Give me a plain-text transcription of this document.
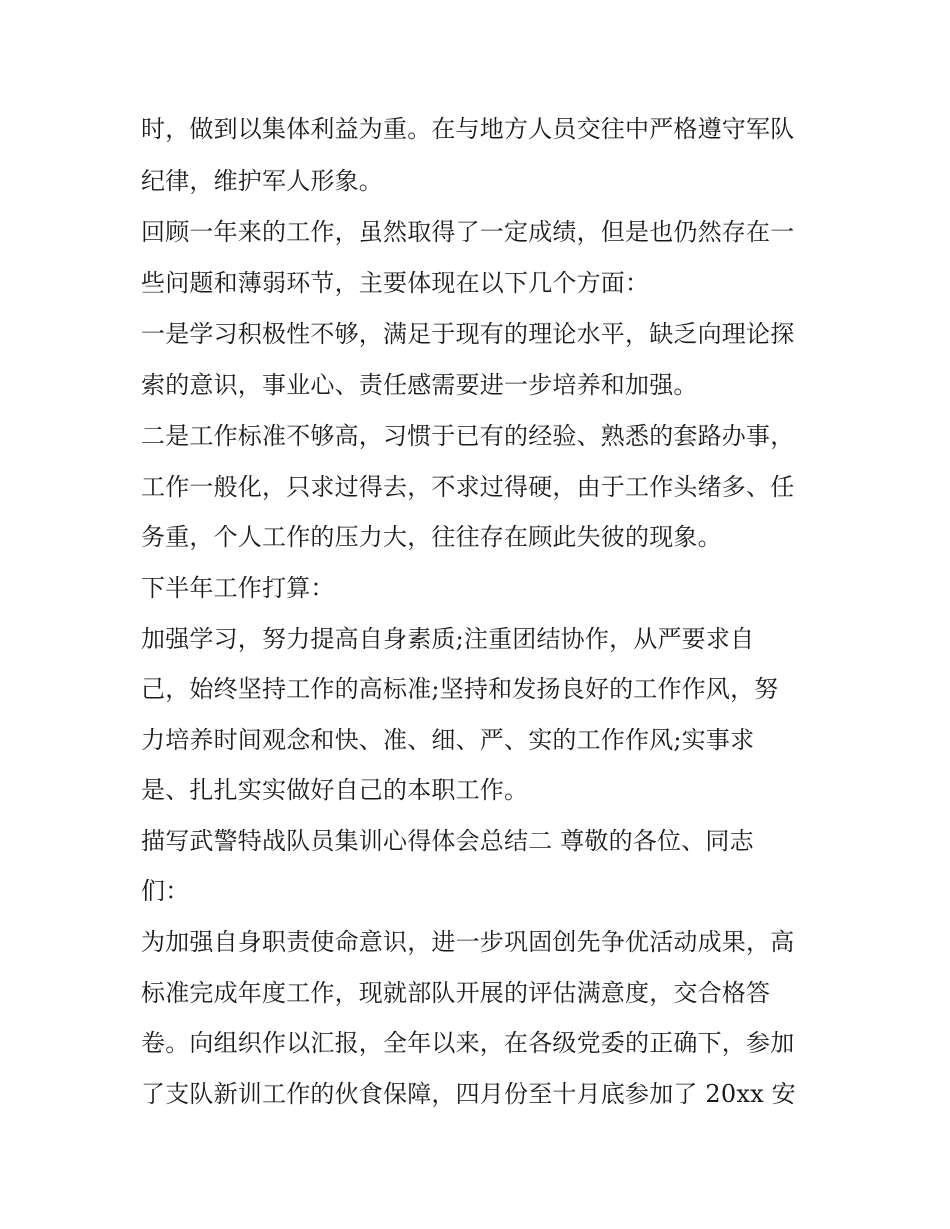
时，做到以集体利益为重。在与地方人员交往中严格遵守军队
纪律，维护军人形象。
回顾一年来的工作，虽然取得了一定成绩，但是也仍然存在一
些问题和薄弱环节，主要体现在以下几个方面：
一是学习积极性不够，满足于现有的理论水平，缺乏向理论探
索的意识，事业心、责任感需要进一步培养和加强。
二是工作标准不够高，习惯于已有的经验、熟悉的套路办事，
工作一般化，只求过得去，不求过得硬，由于工作头绪多、任
务重，个人工作的压力大，往往存在顾此失彼的现象。
下半年工作打算：
加强学习，努力提高自身素质;注重团结协作，从严要求自
己，始终坚持工作的高标准;坚持和发扬良好的工作作风，努
力培养时间观念和快、准、细、严、实的工作作风;实事求
是、扎扎实实做好自己的本职工作。
描写武警特战队员集训心得体会总结二 尊敬的各位、同志
们：
为加强自身职责使命意识，进一步巩固创先争优活动成果，高
标准完成年度工作，现就部队开展的评估满意度，交合格答
卷。向组织作以汇报，全年以来，在各级党委的正确下，参加
了支队新训工作的伙食保障，四月份至十月底参加了 20xx 安
